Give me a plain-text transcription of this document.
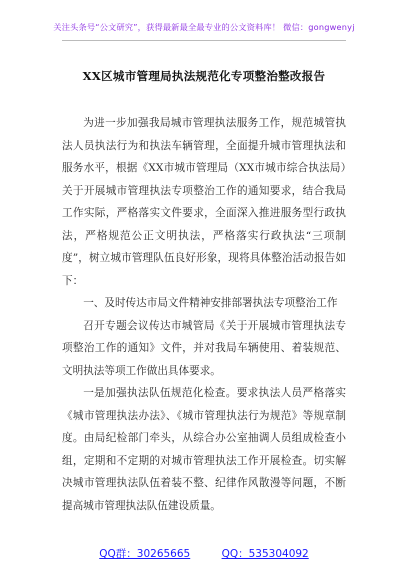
关注头条号“公文研究”，获得最新最全最专业的公文资料库！ 微信：gongwenyj
XX区城市管理局执法规范化专项整治整改报告

为进一步加强我局城市管理执法服务工作，规范城管执法人员执法行为和执法车辆管理，全面提升城市管理执法和服务水平，根据《XX市城市管理局（XX市城市综合执法局）关于开展城市管理执法专项整治工作的通知要求，结合我局工作实际，严格落实文件要求，全面深入推进服务型行政执法，严格规范公正文明执法，严格落实行政执法“三项制度”，树立城市管理队伍良好形象，现将具体整治活动报告如下：

一、及时传达市局文件精神安排部署执法专项整治工作

召开专题会议传达市城管局《关于开展城市管理执法专项整治工作的通知》文件，并对我局车辆使用、着装规范、文明执法等项工作做出具体要求。

一是加强执法队伍规范化检查。要求执法人员严格落实《城市管理执法办法》、《城市管理执法行为规范》等规章制度。由局纪检部门牵头，从综合办公室抽调人员组成检查小组，定期和不定期的对城市管理执法工作开展检查。切实解决城市管理执法队伍着装不整、纪律作风散漫等问题，不断提高城市管理执法队伍建设质量。

QQ群：30265665	QQ：535304092
